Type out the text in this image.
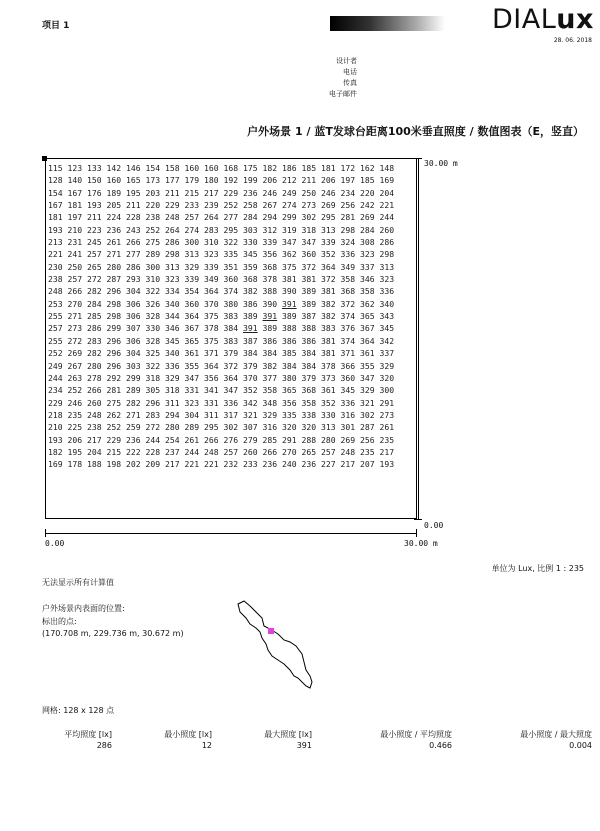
项目 1	DIALux
28. 06. 2018
设计者
电话
传真
电子邮件
户外场景 1 / 蓝T发球台距离100米垂直照度 / 数值图表（E，竖直）
115 123 133 142 146 154 158 160 160 168 175 182 186 185 181 172 162 148
128 140 150 160 165 173 177 179 180 192 199 206 212 211 206 197 185 169
154 167 176 189 195 203 211 215 217 229 236 246 249 250 246 234 220 204
167 181 193 205 211 220 229 233 239 252 258 267 274 273 269 256 242 221
181 197 211 224 228 238 248 257 264 277 284 294 299 302 295 281 269 244
193 210 223 236 243 252 264 274 283 295 303 312 319 318 313 298 284 260
213 231 245 261 266 275 286 300 310 322 330 339 347 347 339 324 308 286
221 241 257 271 277 289 298 313 323 335 345 356 362 360 352 336 323 298
230 250 265 280 286 300 313 329 339 351 359 368 375 372 364 349 337 313
238 257 272 287 293 310 323 339 349 360 368 378 381 381 372 358 346 323
248 266 282 296 304 322 334 354 364 374 382 388 390 389 381 368 358 336
253 270 284 298 306 326 340 360 370 380 386 390 391 389 382 372 362 340
255 271 285 298 306 328 344 364 375 383 389 391 389 387 382 374 365 343
257 273 286 299 307 330 346 367 378 384 391 389 388 388 383 376 367 345
255 272 283 296 306 328 345 365 375 383 387 386 386 386 381 374 364 342
252 269 282 296 304 325 340 361 371 379 384 384 385 384 381 371 361 337
249 267 280 296 303 322 336 355 364 372 379 382 384 384 378 366 355 329
244 263 278 292 299 318 329 347 356 364 370 377 380 379 373 360 347 320
234 252 266 281 289 305 318 331 341 347 352 358 365 368 361 345 329 300
229 246 260 275 282 296 311 323 331 336 342 348 356 358 352 336 321 291
218 235 248 262 271 283 294 304 311 317 321 329 335 338 330 316 302 273
210 225 238 252 259 272 280 289 295 302 307 316 320 320 313 301 287 261
193 206 217 229 236 244 254 261 266 276 279 285 291 288 280 269 256 235
182 195 204 215 222 228 237 244 248 257 260 266 270 265 257 248 235 217
169 178 188 198 202 209 217 221 221 232 233 236 240 236 227 217 207 193
30.00 m
0.00
0.00	30.00 m
单位为 Lux, 比例 1 : 235
无法显示所有计算值
户外场景内表面的位置:
标出的点:
(170.708 m, 229.736 m, 30.672 m)
网格: 128 x 128 点
平均照度 [lx]	最小照度 [lx]	最大照度 [lx]	最小照度 / 平均照度	最小照度 / 最大照度
286	12	391	0.466	0.004
